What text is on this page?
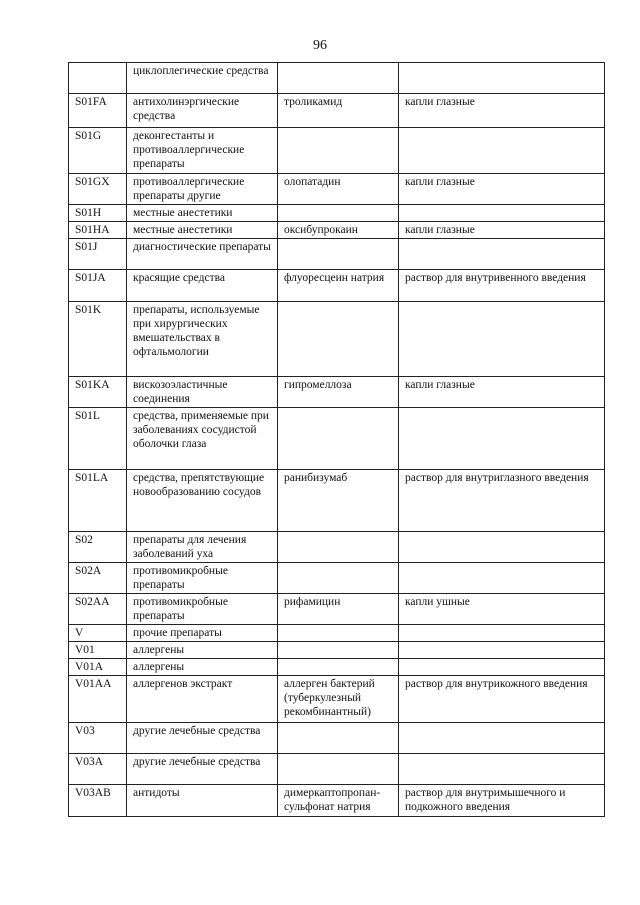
96
	циклоплегические средства		
S01FA	антихолинэргические средства	троликамид	капли глазные
S01G	деконгестанты и противоаллергические препараты		
S01GX	противоаллергические препараты другие	олопатадин	капли глазные
S01H	местные анестетики		
S01HA	местные анестетики	оксибупрокаин	капли глазные
S01J	диагностические препараты		
S01JA	красящие средства	флуоресцеин натрия	раствор для внутривенного введения
S01K	препараты, используемые при хирургических вмешательствах в офтальмологии		
S01KA	вискозоэластичные соединения	гипромеллоза	капли глазные
S01L	средства, применяемые при заболеваниях сосудистой оболочки глаза		
S01LA	средства, препятствующие новообразованию сосудов	ранибизумаб	раствор для внутриглазного введения
S02	препараты для лечения заболеваний уха		
S02A	противомикробные препараты		
S02AA	противомикробные препараты	рифамицин	капли ушные
V	прочие препараты		
V01	аллергены		
V01A	аллергены		
V01AA	аллергенов экстракт	аллерген бактерий (туберкулезный рекомбинантный)	раствор для внутрикожного введения
V03	другие лечебные средства		
V03A	другие лечебные средства		
V03AB	антидоты	димеркаптопропан-сульфонат натрия	раствор для внутримышечного и подкожного введения
